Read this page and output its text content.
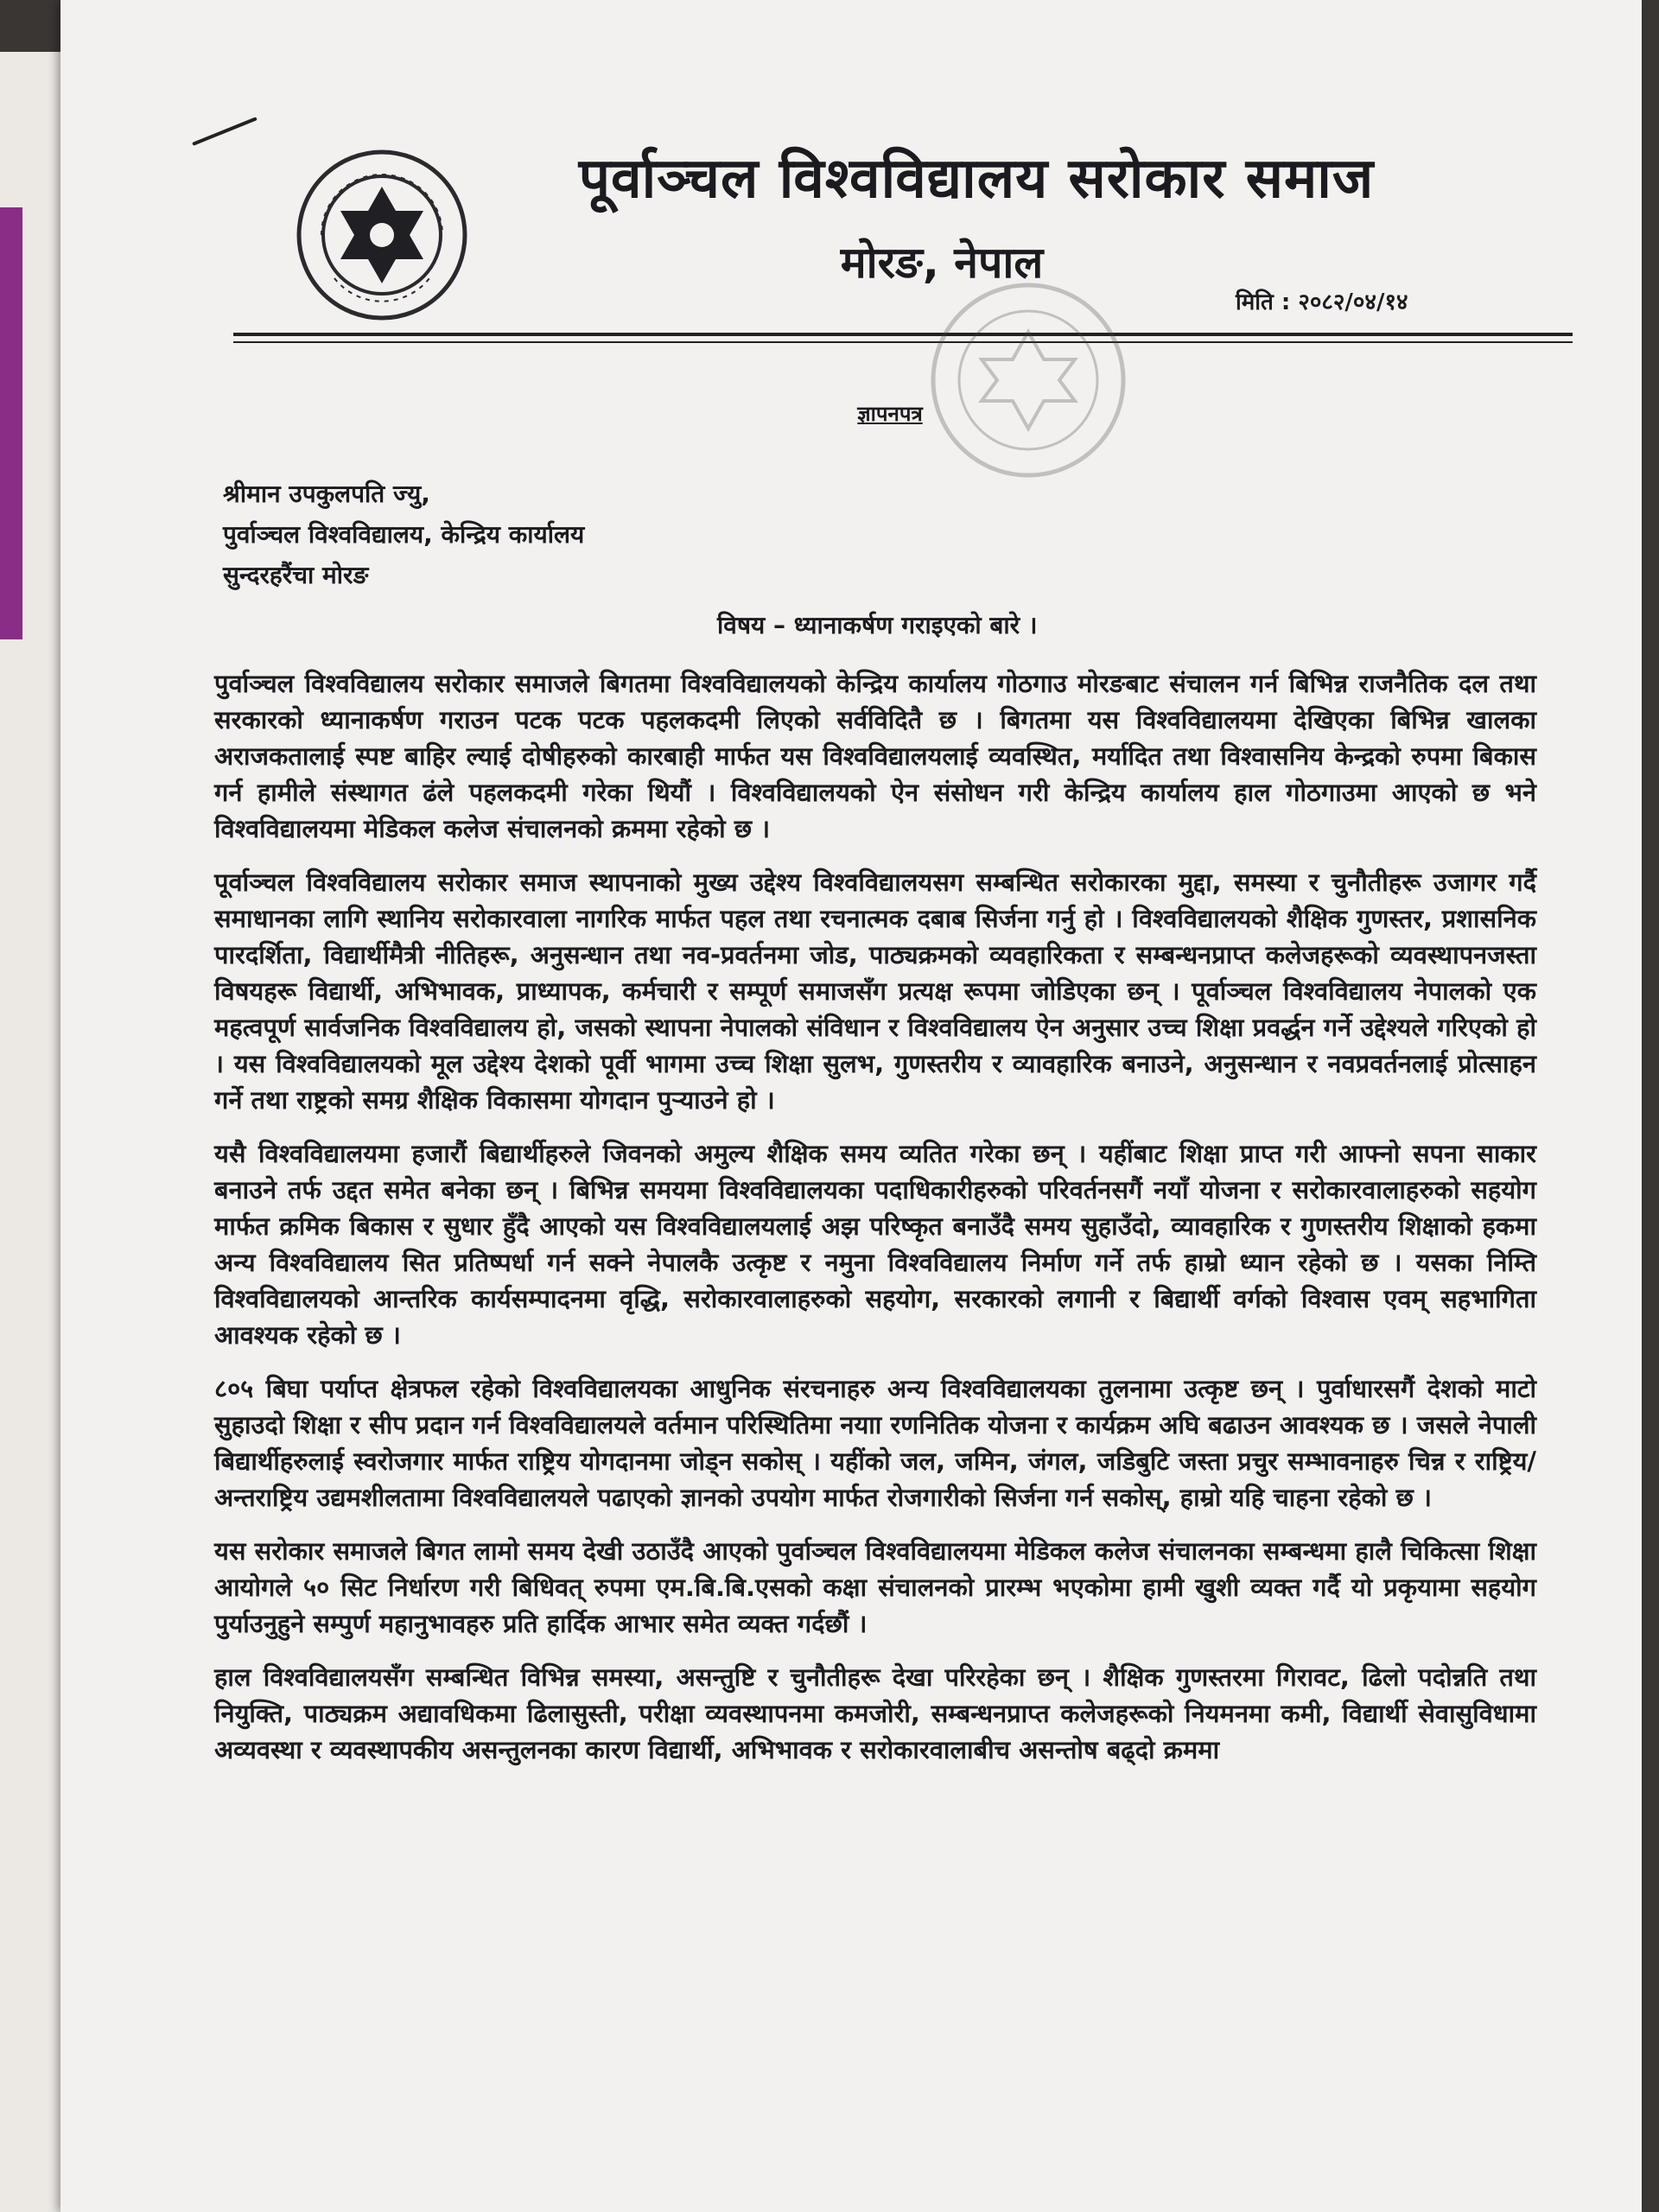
पूर्वाञ्चल विश्वविद्यालय सरोकार समाज
मोरङ, नेपाल
मिति : २०८२/०४/१४
ज्ञापनपत्र
श्रीमान उपकुलपति ज्यु,
पुर्वाञ्चल विश्वविद्यालय, केन्द्रिय कार्यालय
सुन्दरहरैंचा मोरङ
विषय – ध्यानाकर्षण गराइएको बारे ।

पुर्वाञ्चल विश्वविद्यालय सरोकार समाजले बिगतमा विश्वविद्यालयको केन्द्रिय कार्यालय गोठगाउ मोरङबाट संचालन गर्न बिभिन्न राजनैतिक दल तथा सरकारको ध्यानाकर्षण गराउन पटक पटक पहलकदमी लिएको सर्वविदितै छ । बिगतमा यस विश्वविद्यालयमा देखिएका बिभिन्न खालका अराजकतालाई स्पष्ट बाहिर ल्याई दोषीहरुको कारबाही मार्फत यस विश्वविद्यालयलाई व्यवस्थित, मर्यादित तथा विश्वासनिय केन्द्रको रुपमा बिकास गर्न हामीले संस्थागत ढंले पहलकदमी गरेका थियौं । विश्वविद्यालयको ऐन संसोधन गरी केन्द्रिय कार्यालय हाल गोठगाउमा आएको छ भने विश्वविद्यालयमा मेडिकल कलेज संचालनको क्रममा रहेको छ ।

पूर्वाञ्चल विश्वविद्यालय सरोकार समाज स्थापनाको मुख्य उद्देश्य विश्वविद्यालयसग सम्बन्धित सरोकारका मुद्दा, समस्या र चुनौतीहरू उजागर गर्दै समाधानका लागि स्थानिय सरोकारवाला नागरिक मार्फत पहल तथा रचनात्मक दबाब सिर्जना गर्नु हो । विश्वविद्यालयको शैक्षिक गुणस्तर, प्रशासनिक पारदर्शिता, विद्यार्थीमैत्री नीतिहरू, अनुसन्धान तथा नव-प्रवर्तनमा जोड, पाठ्यक्रमको व्यवहारिकता र सम्बन्धनप्राप्त कलेजहरूको व्यवस्थापनजस्ता विषयहरू विद्यार्थी, अभिभावक, प्राध्यापक, कर्मचारी र सम्पूर्ण समाजसँग प्रत्यक्ष रूपमा जोडिएका छन् । पूर्वाञ्चल विश्वविद्यालय नेपालको एक महत्वपूर्ण सार्वजनिक विश्वविद्यालय हो, जसको स्थापना नेपालको संविधान र विश्वविद्यालय ऐन अनुसार उच्च शिक्षा प्रवर्द्धन गर्ने उद्देश्यले गरिएको हो । यस विश्वविद्यालयको मूल उद्देश्य देशको पूर्वी भागमा उच्च शिक्षा सुलभ, गुणस्तरीय र व्यावहारिक बनाउने, अनुसन्धान र नवप्रवर्तनलाई प्रोत्साहन गर्ने तथा राष्ट्रको समग्र शैक्षिक विकासमा योगदान पुऱ्याउने हो ।

यसै विश्वविद्यालयमा हजारौं बिद्यार्थीहरुले जिवनको अमुल्य शैक्षिक समय व्यतित गरेका छन् । यहींबाट शिक्षा प्राप्त गरी आफ्नो सपना साकार बनाउने तर्फ उद्दत समेत बनेका छन् । बिभिन्न समयमा विश्वविद्यालयका पदाधिकारीहरुको परिवर्तनसगैं नयाँ योजना र सरोकारवालाहरुको सहयोग मार्फत क्रमिक बिकास र सुधार हुँदै आएको यस विश्वविद्यालयलाई अझ परिष्कृत बनाउँदै समय सुहाउँदो, व्यावहारिक र गुणस्तरीय शिक्षाको हकमा अन्य विश्वविद्यालय सित प्रतिष्पर्धा गर्न सक्ने नेपालकै उत्कृष्ट र नमुना विश्वविद्यालय निर्माण गर्ने तर्फ हाम्रो ध्यान रहेको छ । यसका निम्ति विश्वविद्यालयको आन्तरिक कार्यसम्पादनमा वृद्धि, सरोकारवालाहरुको सहयोग, सरकारको लगानी र बिद्यार्थी वर्गको विश्वास एवम् सहभागिता आवश्यक रहेको छ ।

८०५ बिघा पर्याप्त क्षेत्रफल रहेको विश्वविद्यालयका आधुनिक संरचनाहरु अन्य विश्वविद्यालयका तुलनामा उत्कृष्ट छन् । पुर्वाधारसगैं देशको माटो सुहाउदो शिक्षा र सीप प्रदान गर्न विश्वविद्यालयले वर्तमान परिस्थितिमा नयाा रणनितिक योजना र कार्यक्रम अघि बढाउन आवश्यक छ । जसले नेपाली बिद्यार्थीहरुलाई स्वरोजगार मार्फत राष्ट्रिय योगदानमा जोड्न सकोस् । यहींको जल, जमिन, जंगल, जडिबुटि जस्ता प्रचुर सम्भावनाहरु चिन्न र राष्ट्रिय/अन्तराष्ट्रिय उद्यमशीलतामा विश्वविद्यालयले पढाएको ज्ञानको उपयोग मार्फत रोजगारीको सिर्जना गर्न सकोस्, हाम्रो यहि चाहना रहेको छ ।

यस सरोकार समाजले बिगत लामो समय देखी उठाउँदै आएको पुर्वाञ्चल विश्वविद्यालयमा मेडिकल कलेज संचालनका सम्बन्धमा हालै चिकित्सा शिक्षा आयोगले ५० सिट निर्धारण गरी बिधिवत् रुपमा एम.बि.बि.एसको कक्षा संचालनको प्रारम्भ भएकोमा हामी खुशी व्यक्त गर्दै यो प्रकृयामा सहयोग पुर्याउनुहुने सम्पुर्ण महानुभावहरु प्रति हार्दिक आभार समेत व्यक्त गर्दछौं ।

हाल विश्वविद्यालयसँग सम्बन्धित विभिन्न समस्या, असन्तुष्टि र चुनौतीहरू देखा परिरहेका छन् । शैक्षिक गुणस्तरमा गिरावट, ढिलो पदोन्नति तथा नियुक्ति, पाठ्यक्रम अद्यावधिकमा ढिलासुस्ती, परीक्षा व्यवस्थापनमा कमजोरी, सम्बन्धनप्राप्त कलेजहरूको नियमनमा कमी, विद्यार्थी सेवासुविधामा अव्यवस्था र व्यवस्थापकीय असन्तुलनका कारण विद्यार्थी, अभिभावक र सरोकारवालाबीच असन्तोष बढ्दो क्रममा
